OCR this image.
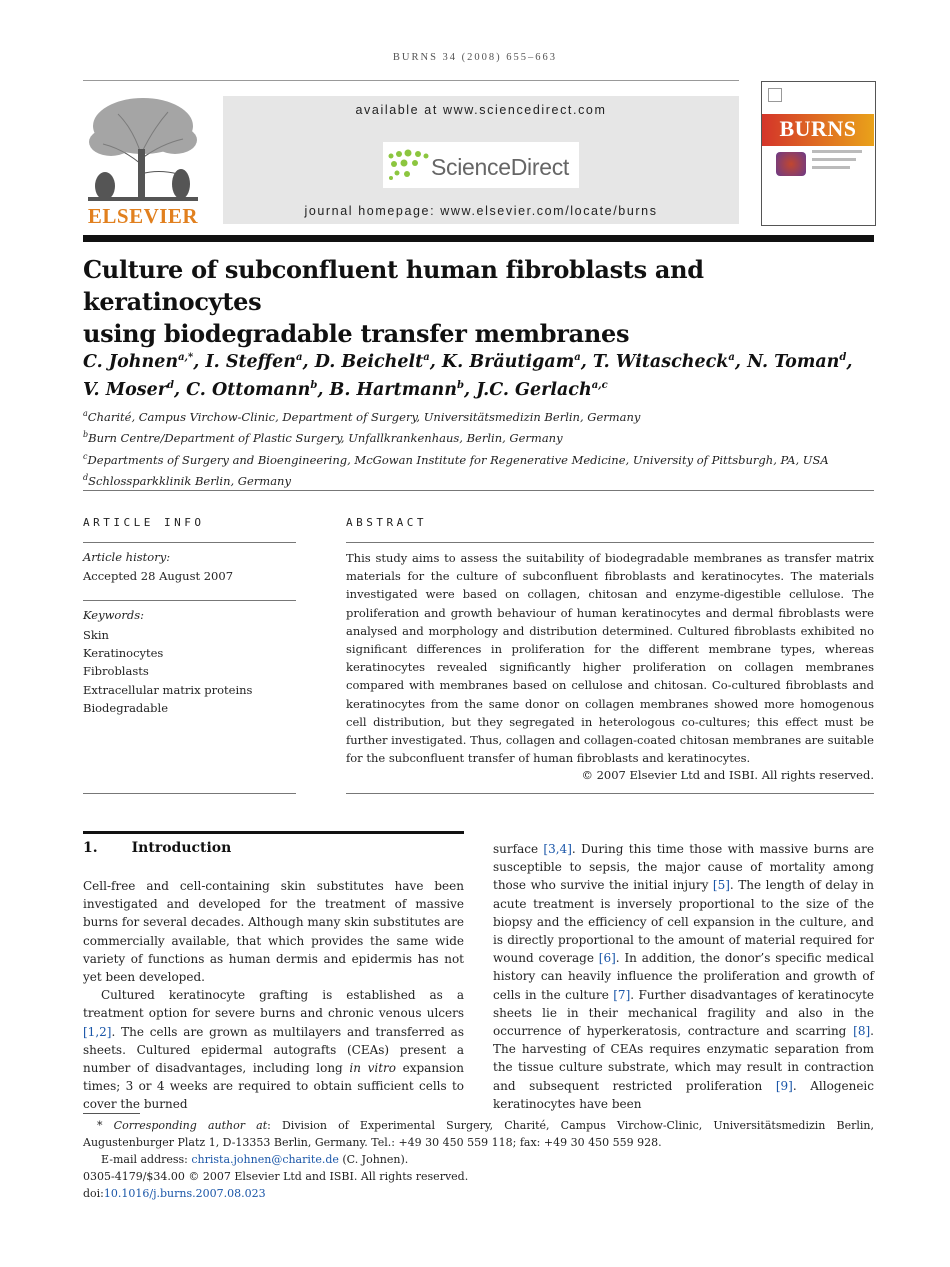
BURNS 34 (2008) 655–663
ELSEVIER
available at www.sciencedirect.com
ScienceDirect
journal homepage: www.elsevier.com/locate/burns
BURNS
Culture of subconfluent human fibroblasts and keratinocytes
using biodegradable transfer membranes
C. Johnen$^{a,*}$, I. Steffen$^a$, D. Beichelt$^a$, K. Bräutigam$^a$, T. Witascheck$^a$, N. Toman$^d$,
V. Moser$^d$, C. Ottomann$^b$, B. Hartmann$^b$, J.C. Gerlach$^{a,c}$
$^a$Charité, Campus Virchow-Clinic, Department of Surgery, Universitätsmedizin Berlin, Germany
$^b$Burn Centre/Department of Plastic Surgery, Unfallkrankenhaus, Berlin, Germany
$^c$Departments of Surgery and Bioengineering, McGowan Institute for Regenerative Medicine, University of Pittsburgh, PA, USA
$^d$Schlossparkklinik Berlin, Germany
ARTICLE INFO
Article history:
Accepted 28 August 2007
Keywords:
Skin
Keratinocytes
Fibroblasts
Extracellular matrix proteins
Biodegradable
ABSTRACT
This study aims to assess the suitability of biodegradable membranes as transfer matrix materials for the culture of subconfluent fibroblasts and keratinocytes. The materials investigated were based on collagen, chitosan and enzyme-digestible cellulose. The proliferation and growth behaviour of human keratinocytes and dermal fibroblasts were analysed and morphology and distribution determined. Cultured fibroblasts exhibited no significant differences in proliferation for the different membrane types, whereas keratinocytes revealed significantly higher proliferation on collagen membranes compared with membranes based on cellulose and chitosan. Co-cultured fibroblasts and keratinocytes from the same donor on collagen membranes showed more homogenous cell distribution, but they segregated in heterologous co-cultures; this effect must be further investigated. Thus, collagen and collagen-coated chitosan membranes are suitable for the subconfluent transfer of human fibroblasts and keratinocytes.
© 2007 Elsevier Ltd and ISBI. All rights reserved.
1. Introduction

Cell-free and cell-containing skin substitutes have been investigated and developed for the treatment of massive burns for several decades. Although many skin substitutes are commercially available, that which provides the same wide variety of functions as human dermis and epidermis has not yet been developed.

Cultured keratinocyte grafting is established as a treatment option for severe burns and chronic venous ulcers [1,2]. The cells are grown as multilayers and transferred as sheets. Cultured epidermal autografts (CEAs) present a number of disadvantages, including long in vitro expansion times; 3 or 4 weeks are required to obtain sufficient cells to cover the burned

surface [3,4]. During this time those with massive burns are susceptible to sepsis, the major cause of mortality among those who survive the initial injury [5]. The length of delay in acute treatment is inversely proportional to the size of the biopsy and the efficiency of cell expansion in the culture, and is directly proportional to the amount of material required for wound coverage [6]. In addition, the donor’s specific medical history can heavily influence the proliferation and growth of cells in the culture [7]. Further disadvantages of keratinocyte sheets lie in their mechanical fragility and also in the occurrence of hyperkeratosis, contracture and scarring [8]. The harvesting of CEAs requires enzymatic separation from the tissue culture substrate, which may result in contraction and subsequent restricted proliferation [9]. Allogeneic keratinocytes have been

* Corresponding author at: Division of Experimental Surgery, Charité, Campus Virchow-Clinic, Universitätsmedizin Berlin, Augustenburger Platz 1, D-13353 Berlin, Germany. Tel.: +49 30 450 559 118; fax: +49 30 450 559 928.
E-mail address: christa.johnen@charite.de (C. Johnen).
0305-4179/$34.00 © 2007 Elsevier Ltd and ISBI. All rights reserved.
doi:10.1016/j.burns.2007.08.023
